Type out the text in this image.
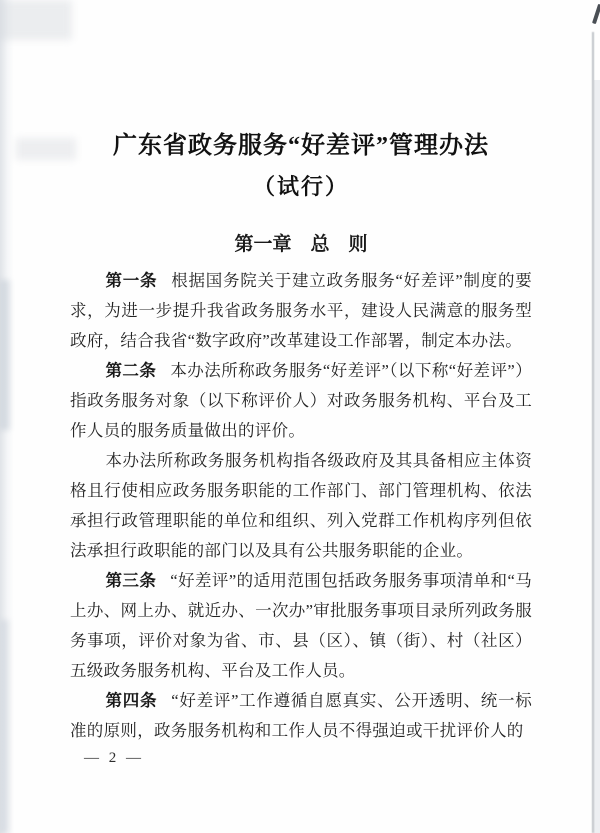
广东省政务服务“好差评”管理办法
（试行）
第一章　总　则

第一条 根据国务院关于建立政务服务“好差评”制度的要求，为进一步提升我省政务服务水平，建设人民满意的服务型政府，结合我省“数字政府”改革建设工作部署，制定本办法。

第二条 本办法所称政务服务“好差评”（以下称“好差评”）指政务服务对象（以下称评价人）对政务服务机构、平台及工作人员的服务质量做出的评价。

本办法所称政务服务机构指各级政府及其具备相应主体资格且行使相应政务服务职能的工作部门、部门管理机构、依法承担行政管理职能的单位和组织、列入党群工作机构序列但依法承担行政职能的部门以及具有公共服务职能的企业。

第三条 “好差评”的适用范围包括政务服务事项清单和“马上办、网上办、就近办、一次办”审批服务事项目录所列政务服务事项，评价对象为省、市、县（区）、镇（街）、村（社区）五级政务服务机构、平台及工作人员。

第四条 “好差评”工作遵循自愿真实、公开透明、统一标准的原则，政务服务机构和工作人员不得强迫或干扰评价人的

— 2 —
